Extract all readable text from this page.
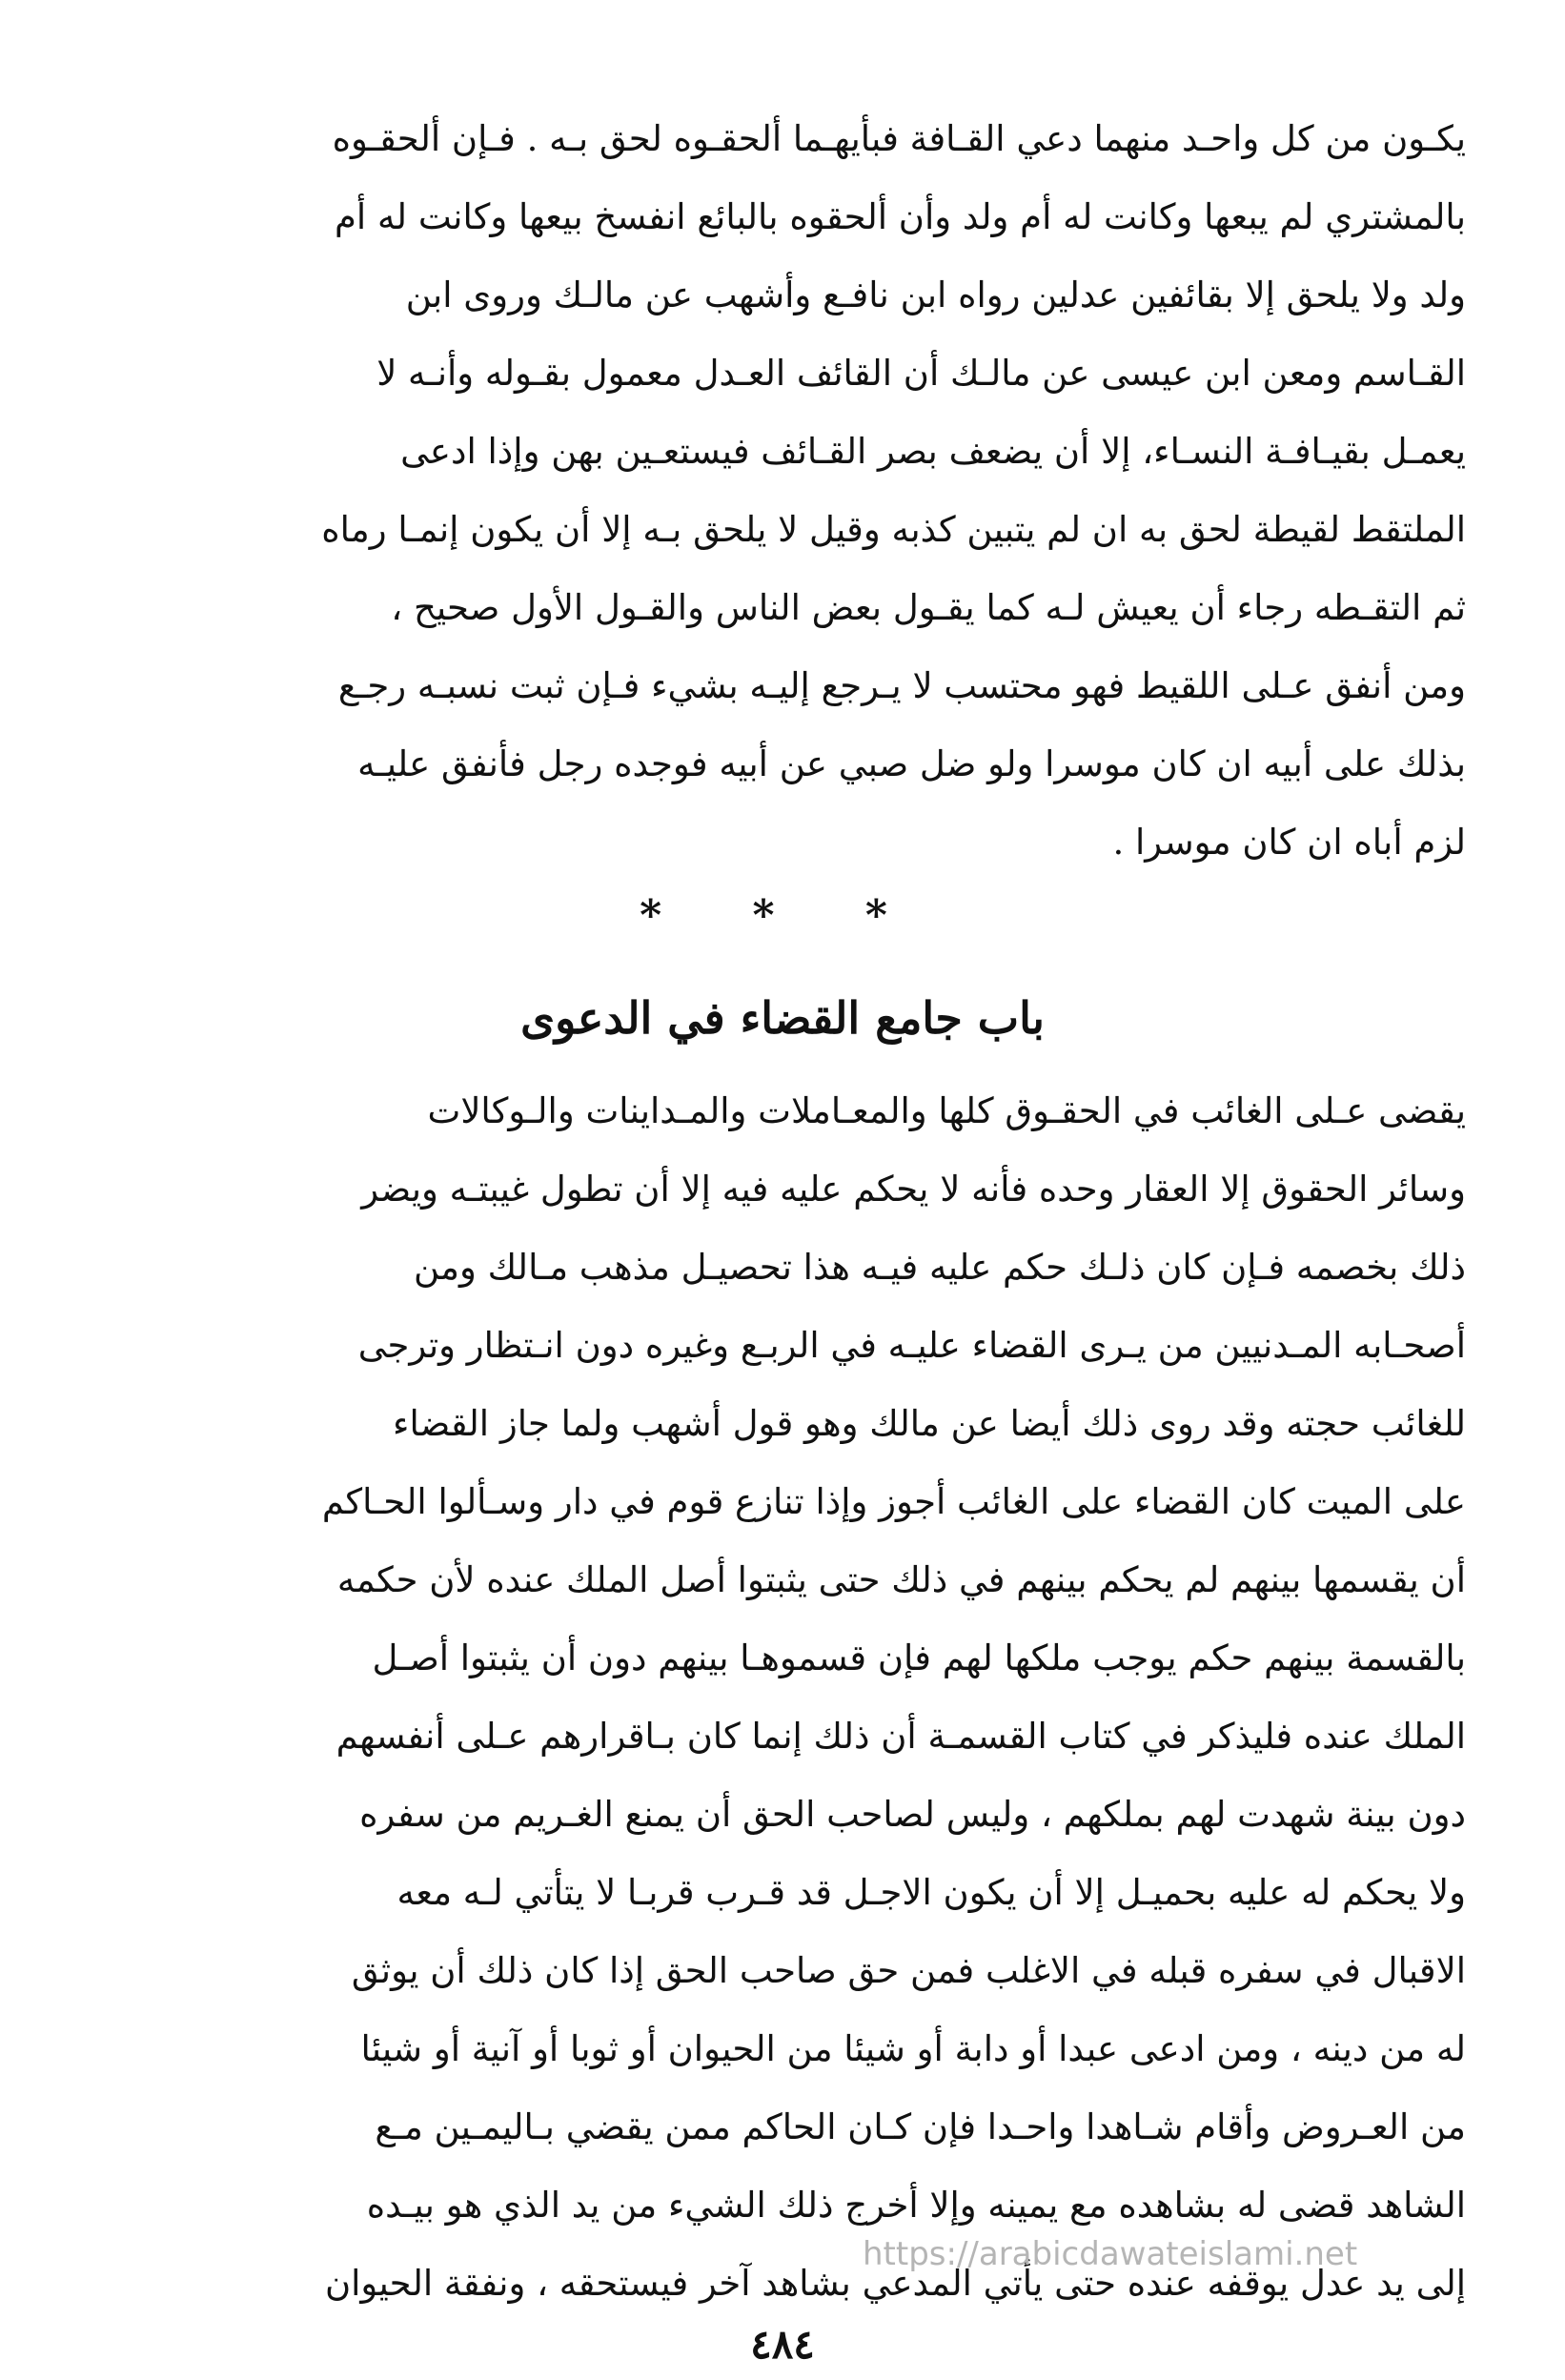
يكـون من كل واحـد منهما دعي القـافة فبأيهـما ألحقـوه لحق بـه . فـإن ألحقـوه
بالمشتري لم يبعها وكانت له أم ولد وأن ألحقوه بالبائع انفسخ بيعها وكانت له أم
ولد ولا يلحق إلا بقائفين عدلين رواه ابن نافـع وأشهب عن مالـك وروى ابن
القـاسم ومعن ابن عيسى عن مالـك أن القائف العـدل معمول بقـوله وأنـه لا
يعمـل بقيـافـة النسـاء، إلا أن يضعف بصر القـائف فيستعـين بهن وإذا ادعى
الملتقط لقيطة لحق به ان لم يتبين كذبه وقيل لا يلحق بـه إلا أن يكون إنمـا رماه
ثم التقـطه رجاء أن يعيش لـه كما يقـول بعض الناس والقـول الأول صحيح ،
ومن أنفق عـلى اللقيط فهو محتسب لا يـرجع إليـه بشيء فـإن ثبت نسبـه رجـع
بذلك على أبيه ان كان موسرا ولو ضل صبي عن أبيه فوجده رجل فأنفق عليـه
لزم أباه ان كان موسرا .
* * *
باب جامع القضاء في الدعوى
يقضى عـلى الغائب في الحقـوق كلها والمعـاملات والمـداينات والـوكالات
وسائر الحقوق إلا العقار وحده فأنه لا يحكم عليه فيه إلا أن تطول غيبتـه ويضر
ذلك بخصمه فـإن كان ذلـك حكم عليه فيـه هذا تحصيـل مذهب مـالك ومن
أصحـابه المـدنيين من يـرى القضاء عليـه في الربـع وغيره دون انـتظار وترجى
للغائب حجته وقد روى ذلك أيضا عن مالك وهو قول أشهب ولما جاز القضاء
على الميت كان القضاء على الغائب أجوز وإذا تنازع قوم في دار وسـألوا الحـاكم
أن يقسمها بينهم لم يحكم بينهم في ذلك حتى يثبتوا أصل الملك عنده لأن حكمه
بالقسمة بينهم حكم يوجب ملكها لهم فإن قسموهـا بينهم دون أن يثبتوا أصـل
الملك عنده فليذكر في كتاب القسمـة أن ذلك إنما كان بـاقرارهم عـلى أنفسهم
دون بينة شهدت لهم بملكهم ، وليس لصاحب الحق أن يمنع الغـريم من سفره
ولا يحكم له عليه بحميـل إلا أن يكون الاجـل قد قـرب قربـا لا يتأتي لـه معه
الاقبال في سفره قبله في الاغلب فمن حق صاحب الحق إذا كان ذلك أن يوثق
له من دينه ، ومن ادعى عبدا أو دابة أو شيئا من الحيوان أو ثوبا أو آنية أو شيئا
من العـروض وأقام شـاهدا واحـدا فإن كـان الحاكم ممن يقضي بـاليمـين مـع
الشاهد قضى له بشاهده مع يمينه وإلا أخرج ذلك الشيء من يد الذي هو بيـده
إلى يد عدل يوقفه عنده حتى يأتي المدعي بشاهد آخر فيستحقه ، ونفقة الحيوان
https://arabicdawateislami.net
٤٨٤
